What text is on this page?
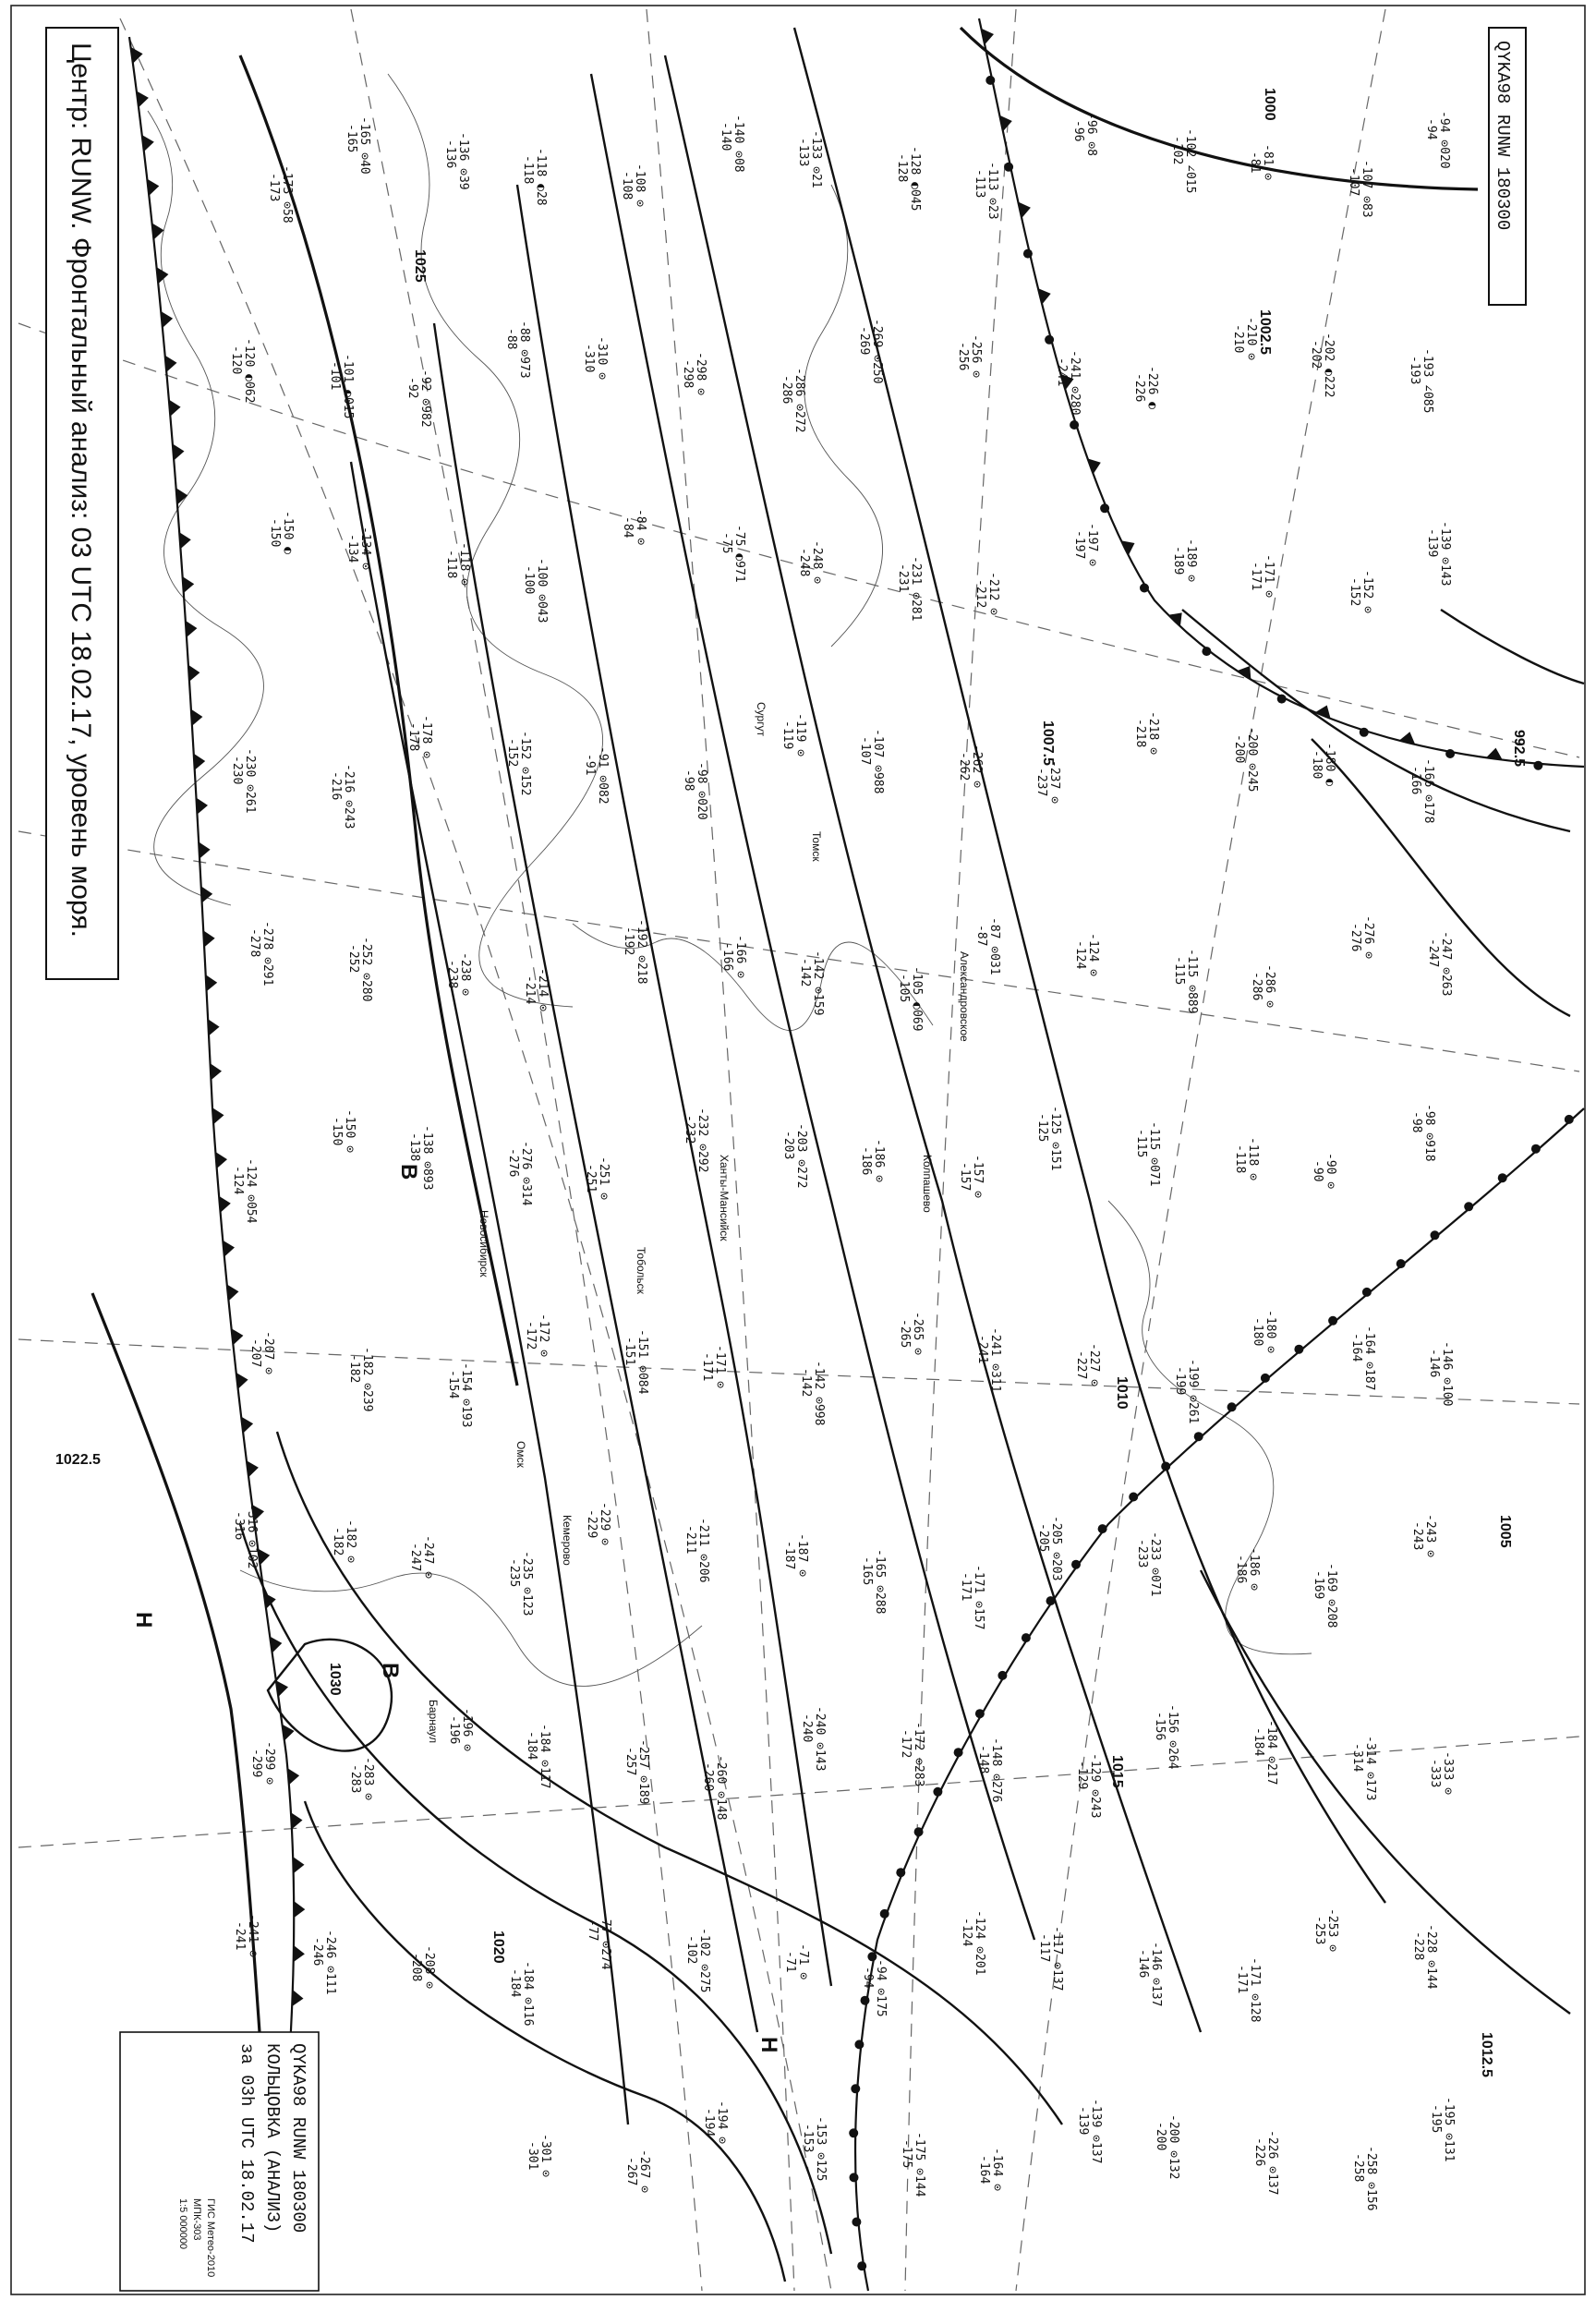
1000
1002.5
992.5
1007.5
1010
1012.5
1015
1020
1022.5
1025
1030
1005
H
B
B
H
Сургут
Ханты-Мансийск
Тобольск
Омск
Новосибирск
Барнаул
Кемерово
Томск
Колпашево
Александровское
-94 ⊙020
-94
-107 ⊙83
-107
-81 ⊙
-81
-102 ∠015
-102
-96 ⊙8
-96
-113 ⊙23
-113
-128 ◐045
-128
-133 ⊙21
-133
-140 ⊙08
-140
-108 ⊙
-108
-118 ◐28
-118
-136 ⊙39
-136
-165 ⊙40
-165
-173 ⊙58
-173
-193 ∠085
-193
-202 ◐222
-202
-210 ⊙
-210
-226 ◐
-226
-241 ⊙280
-241
-256 ⊙
-256
-269 ⊙250
-269
-286 ⊙272
-286
-298 ⊙
-298
-310 ⊙
-310
-88 ⊙973
-88
-92 ⊙982
-92
-101 ◐015
-101
-120 ◐062
-120
-139 ⊙143
-139
-152 ⊙
-152
-171 ⊙
-171
-189 ⊙
-189
-197 ⊙
-197
-212 ⊙
-212
-231 ⊙281
-231
-248 ⊙
-248
-75 ◐971
-75
-84 ⊙
-84
-100 ⊙043
-100
-118 ⊙
-118
-134 ⊙
-134
-150 ◐
-150
-166 ⊙178
-166
-180 ◐
-180
-200 ⊙245
-200
-218 ⊙
-218
-237 ⊙
-237
-262 ⊙
-262
-107 ⊙988
-107
-119 ⊙
-119
-98 ⊙020
-98
-91 ⊙082
-91
-152 ⊙152
-152
-178 ⊙
-178
-216 ⊙243
-216
-230 ⊙261
-230
-247 ⊙263
-247
-276 ⊙
-276
-286 ⊙
-286
-115 ⊙889
-115
-124 ⊙
-124
-87 ⊙031
-87
-105 ◐069
-105
-142 ⊙159
-142
-166 ⊙
-166
-192 ⊙218
-192
-214 ⊙
-214
-238 ⊙
-238
-252 ⊙280
-252
-278 ⊙291
-278
-98 ⊙918
-98
-90 ⊙
-90
-118 ⊙
-118
-115 ⊙071
-115
-125 ⊙151
-125
-157 ⊙
-157
-186 ⊙
-186
-203 ⊙272
-203
-232 ⊙292
-232
-251 ⊙
-251
-276 ⊙314
-276
-138 ⊙893
-138
-150 ⊙
-150
-124 ⊙054
-124
-146 ⊙100
-146
-164 ⊙187
-164
-180 ⊙
-180
-199 ⊙261
-199
-227 ⊙
-227
-241 ⊙311
-241
-265 ⊙
-265
-142 ⊙998
-142
-171 ⊙
-171
-151 ⊙084
-151
-172 ⊙
-172
-154 ⊙193
-154
-182 ⊙239
-182
-207 ⊙
-207
-243 ⊙
-243
-169 ⊙208
-169
-186 ⊙
-186
-233 ⊙071
-233
-205 ⊙203
-205
-171 ⊙157
-171
-165 ⊙288
-165
-187 ⊙
-187
-211 ⊙206
-211
-229 ⊙
-229
-235 ⊙123
-235
-247 ⊙
-247
-182 ⊙
-182
-316 ⊙102
-316
-333 ⊙
-333
-314 ⊙173
-314
-184 ⊙217
-184
-156 ⊙264
-156
-129 ⊙243
-129
-148 ⊙276
-148
-172 ⊙283
-172
-240 ⊙143
-240
-260 ⊙148
-260
-257 ⊙189
-257
-184 ⊙117
-184
-196 ⊙
-196
-283 ⊙
-283
-299 ⊙
-299
-228 ⊙144
-228
-253 ⊙
-253
-171 ⊙128
-171
-146 ⊙137
-146
-117 ⊙137
-117
-124 ⊙201
-124
-94 ⊙175
-94
-71 ⊙
-71
-102 ⊙275
-102
-77 ⊙274
-77
-184 ⊙116
-184
-208 ⊙
-208
-246 ⊙111
-246
-241 ⊙
-241
-195 ⊙131
-195
-258 ⊙156
-258
-226 ⊙137
-226
-200 ⊙132
-200
-139 ⊙137
-139
-164 ⊙
-164
-175 ⊙144
-175
-153 ⊙125
-153
-194 ⊙
-194
-267 ⊙
-267
-301 ⊙
-301
Центр: RUNW. Фронтальный анализ: 03 UTC 18.02.17, уровень моря.	QYKA98 RUNW 180300
QYKA98 RUNW 180300
КОЛЬЦОВКА (АНАЛИЗ)
за 03h UTC 18.02.17
ГИС Метео-2010
МПК-303
1:5 000000
